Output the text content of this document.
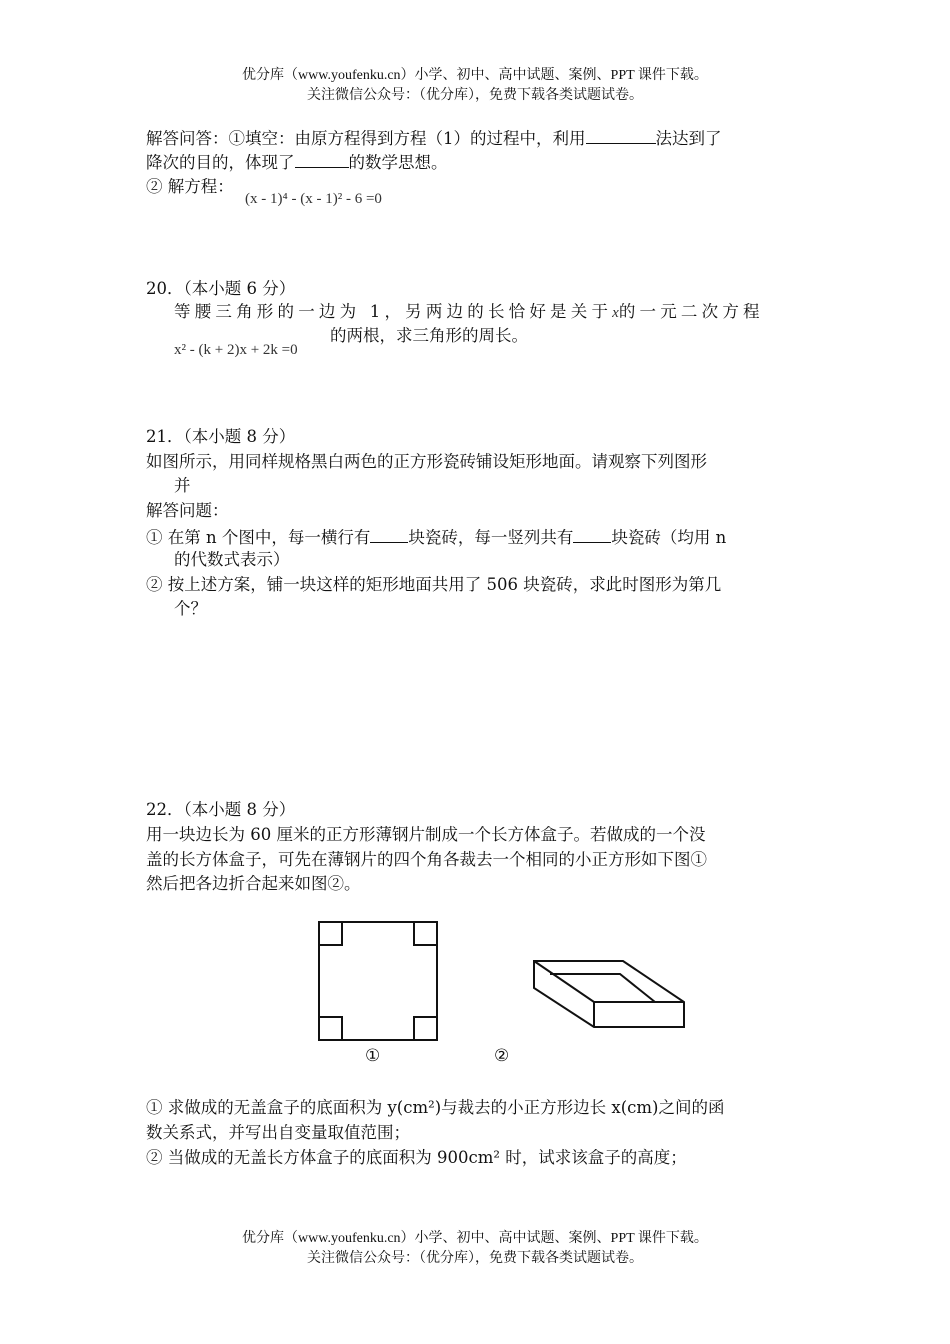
优分库（www.youfenku.cn）小学、初中、高中试题、案例、PPT 课件下载。
关注微信公众号：（优分库），免费下载各类试题试卷。
解答问答：①填空：由原方程得到方程（1）的过程中，利用	法达到了
降次的目的，体现了	的数学思想。
② 解方程：
(x - 1)⁴ - (x - 1)² - 6 =0
20．（本小题 6 分）
等腰三角形的一边为 1，另两边的长恰好是关于x的一元二次方程
x² - (k + 2)x + 2k =0
的两根，求三角形的周长。
21．（本小题 8 分）
如图所示，用同样规格黑白两色的正方形瓷砖铺设矩形地面。请观察下列图形
并
解答问题：
① 在第 n 个图中，每一横行有 块瓷砖，每一竖列共有 块瓷砖（均用 n
的代数式表示）
② 按上述方案，铺一块这样的矩形地面共用了 506 块瓷砖，求此时图形为第几
个？
22．（本小题 8 分）
用一块边长为 60 厘米的正方形薄钢片制成一个长方体盒子。若做成的一个没
盖的长方体盒子，可先在薄钢片的四个角各裁去一个相同的小正方形如下图①
然后把各边折合起来如图②。
①	②
① 求做成的无盖盒子的底面积为 y(cm²)与裁去的小正方形边长 x(cm)之间的函
数关系式，并写出自变量取值范围；
② 当做成的无盖长方体盒子的底面积为 900cm² 时，试求该盒子的高度；
优分库（www.youfenku.cn）小学、初中、高中试题、案例、PPT 课件下载。
关注微信公众号：（优分库），免费下载各类试题试卷。
